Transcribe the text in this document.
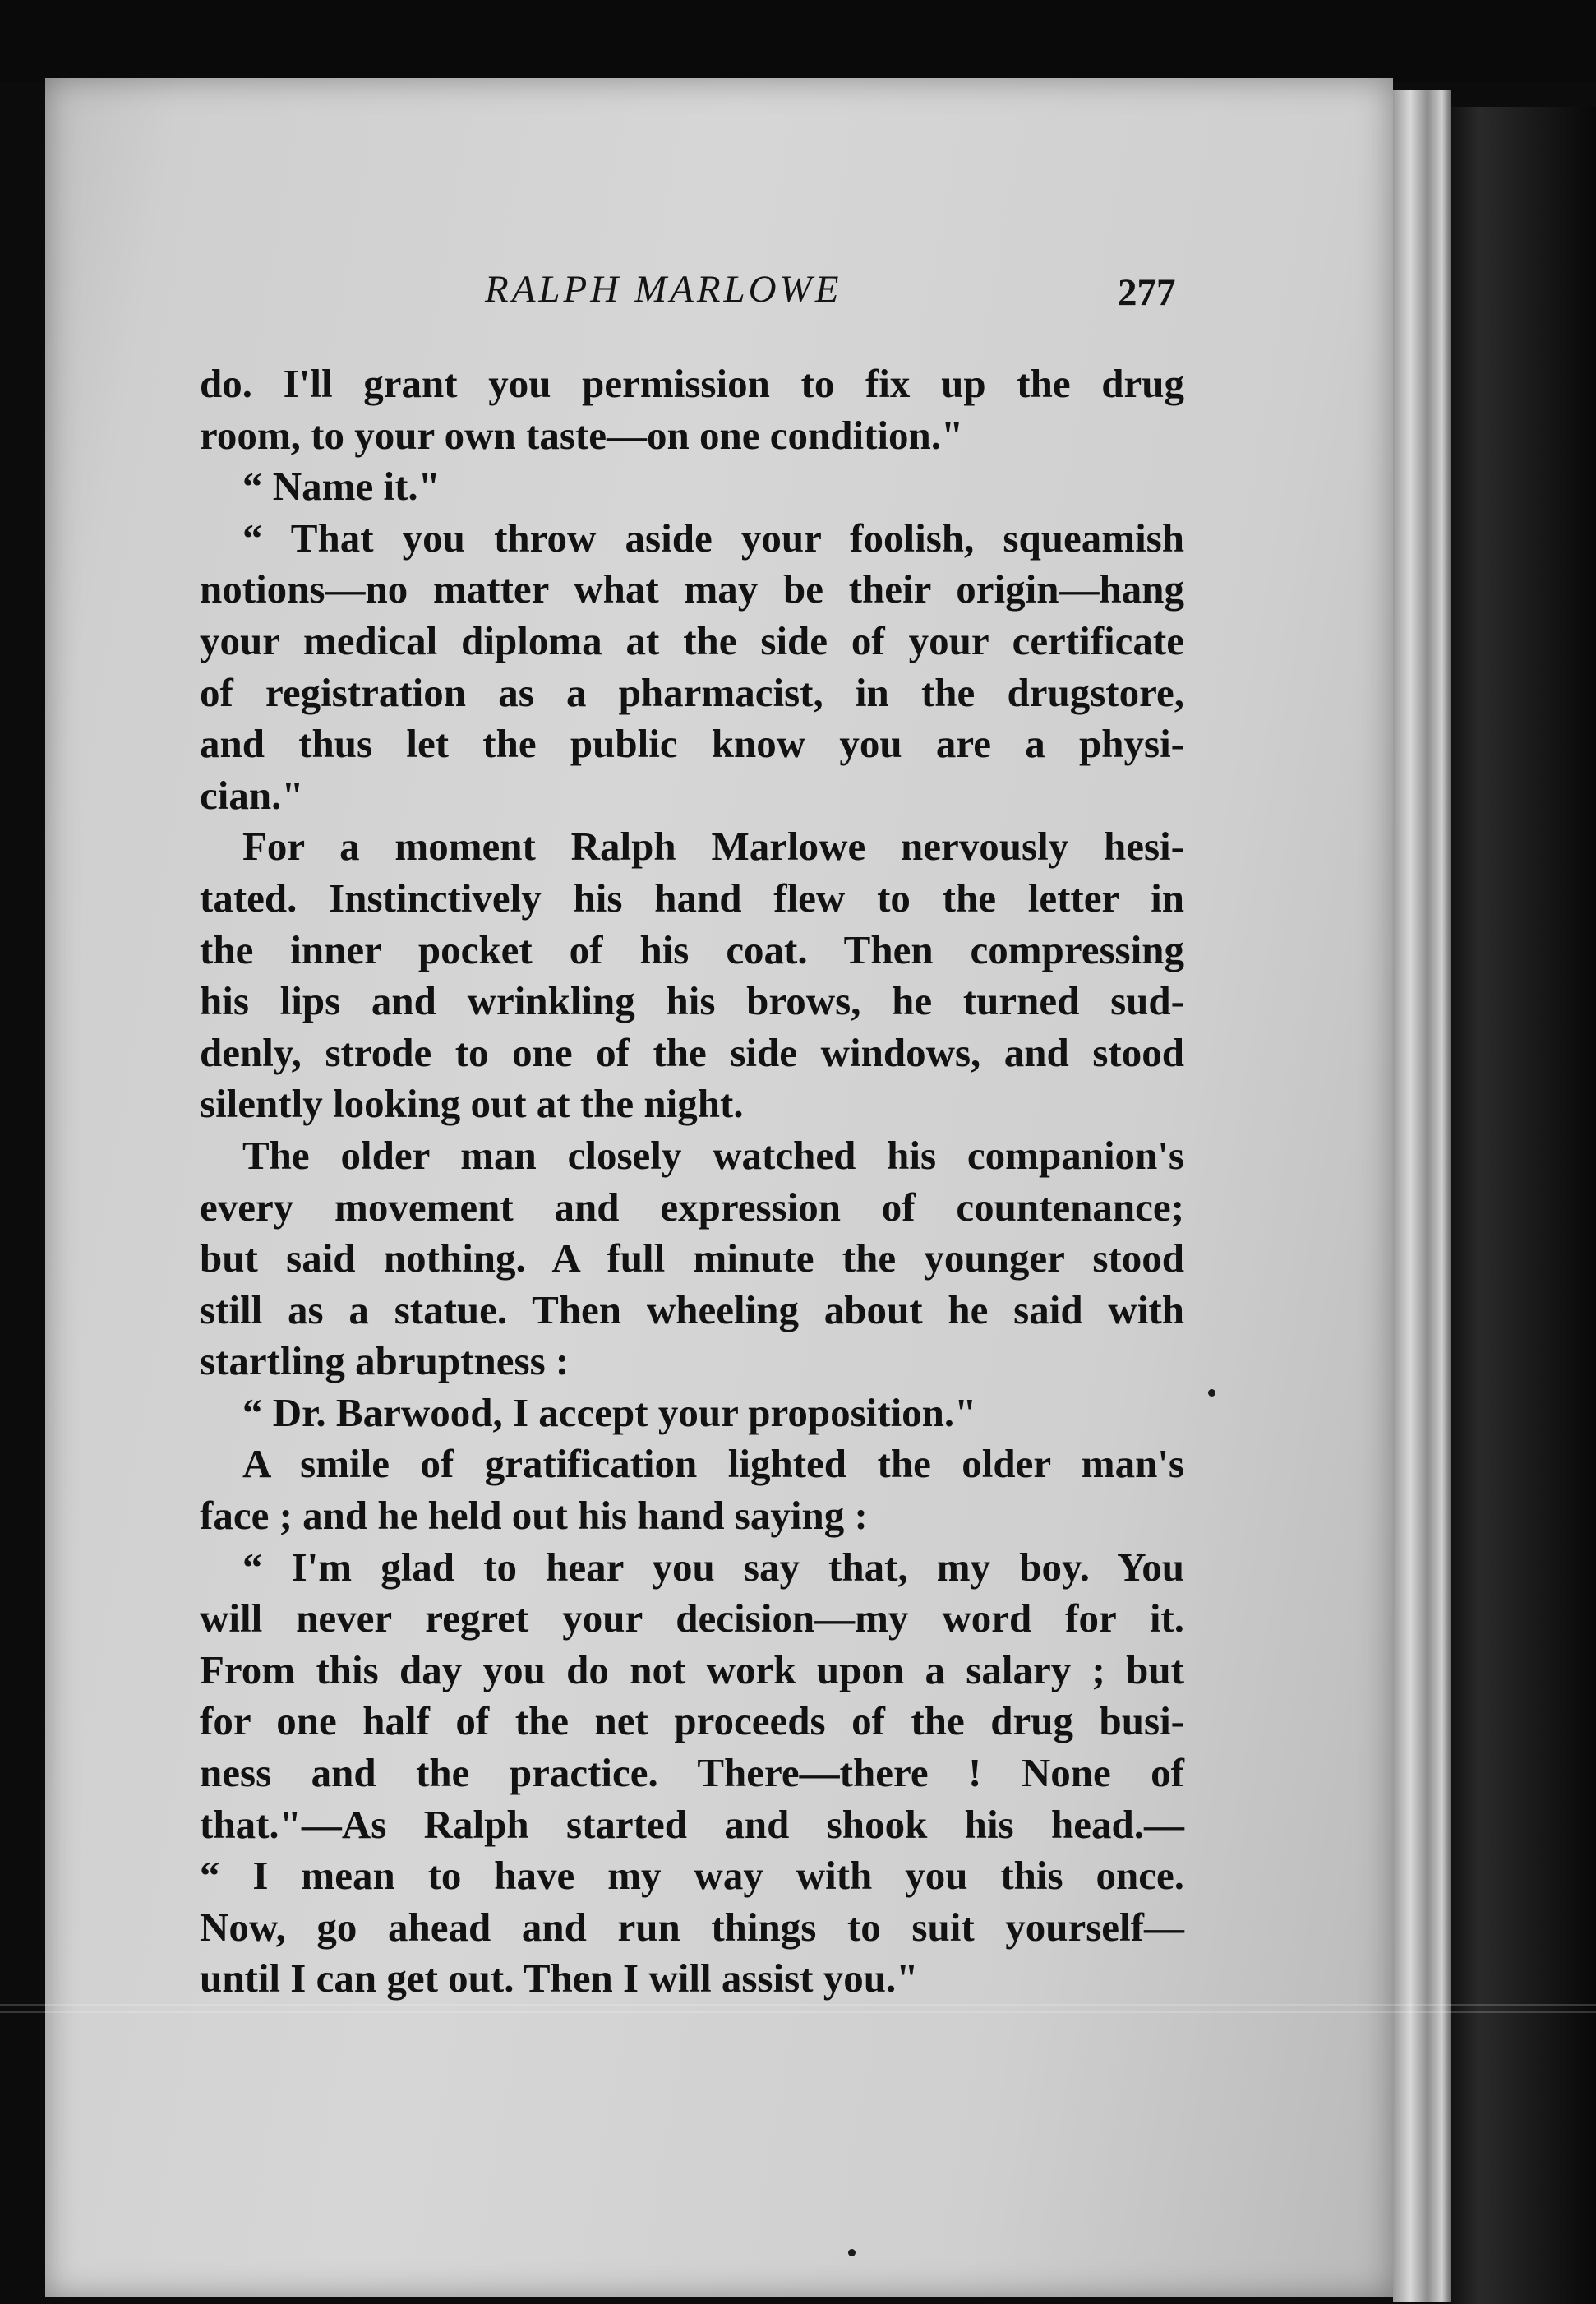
RALPH MARLOWE	277
do. I'll grant you permission to fix up the drug
room, to your own taste—on one condition."
“ Name it."
“ That you throw aside your foolish, squeamish
notions—no matter what may be their origin—hang
your medical diploma at the side of your certificate
of registration as a pharmacist, in the drugstore,
and thus let the public know you are a physi-
cian."
For a moment Ralph Marlowe nervously hesi-
tated. Instinctively his hand flew to the letter in
the inner pocket of his coat. Then compressing
his lips and wrinkling his brows, he turned sud-
denly, strode to one of the side windows, and stood
silently looking out at the night.
The older man closely watched his companion's
every movement and expression of countenance;
but said nothing. A full minute the younger stood
still as a statue. Then wheeling about he said with
startling abruptness :
“ Dr. Barwood, I accept your proposition."
A smile of gratification lighted the older man's
face ; and he held out his hand saying :
“ I'm glad to hear you say that, my boy. You
will never regret your decision—my word for it.
From this day you do not work upon a salary ; but
for one half of the net proceeds of the drug busi-
ness and the practice. There—there ! None of
that."—As Ralph started and shook his head.—
“ I mean to have my way with you this once.
Now, go ahead and run things to suit yourself—
until I can get out. Then I will assist you."
